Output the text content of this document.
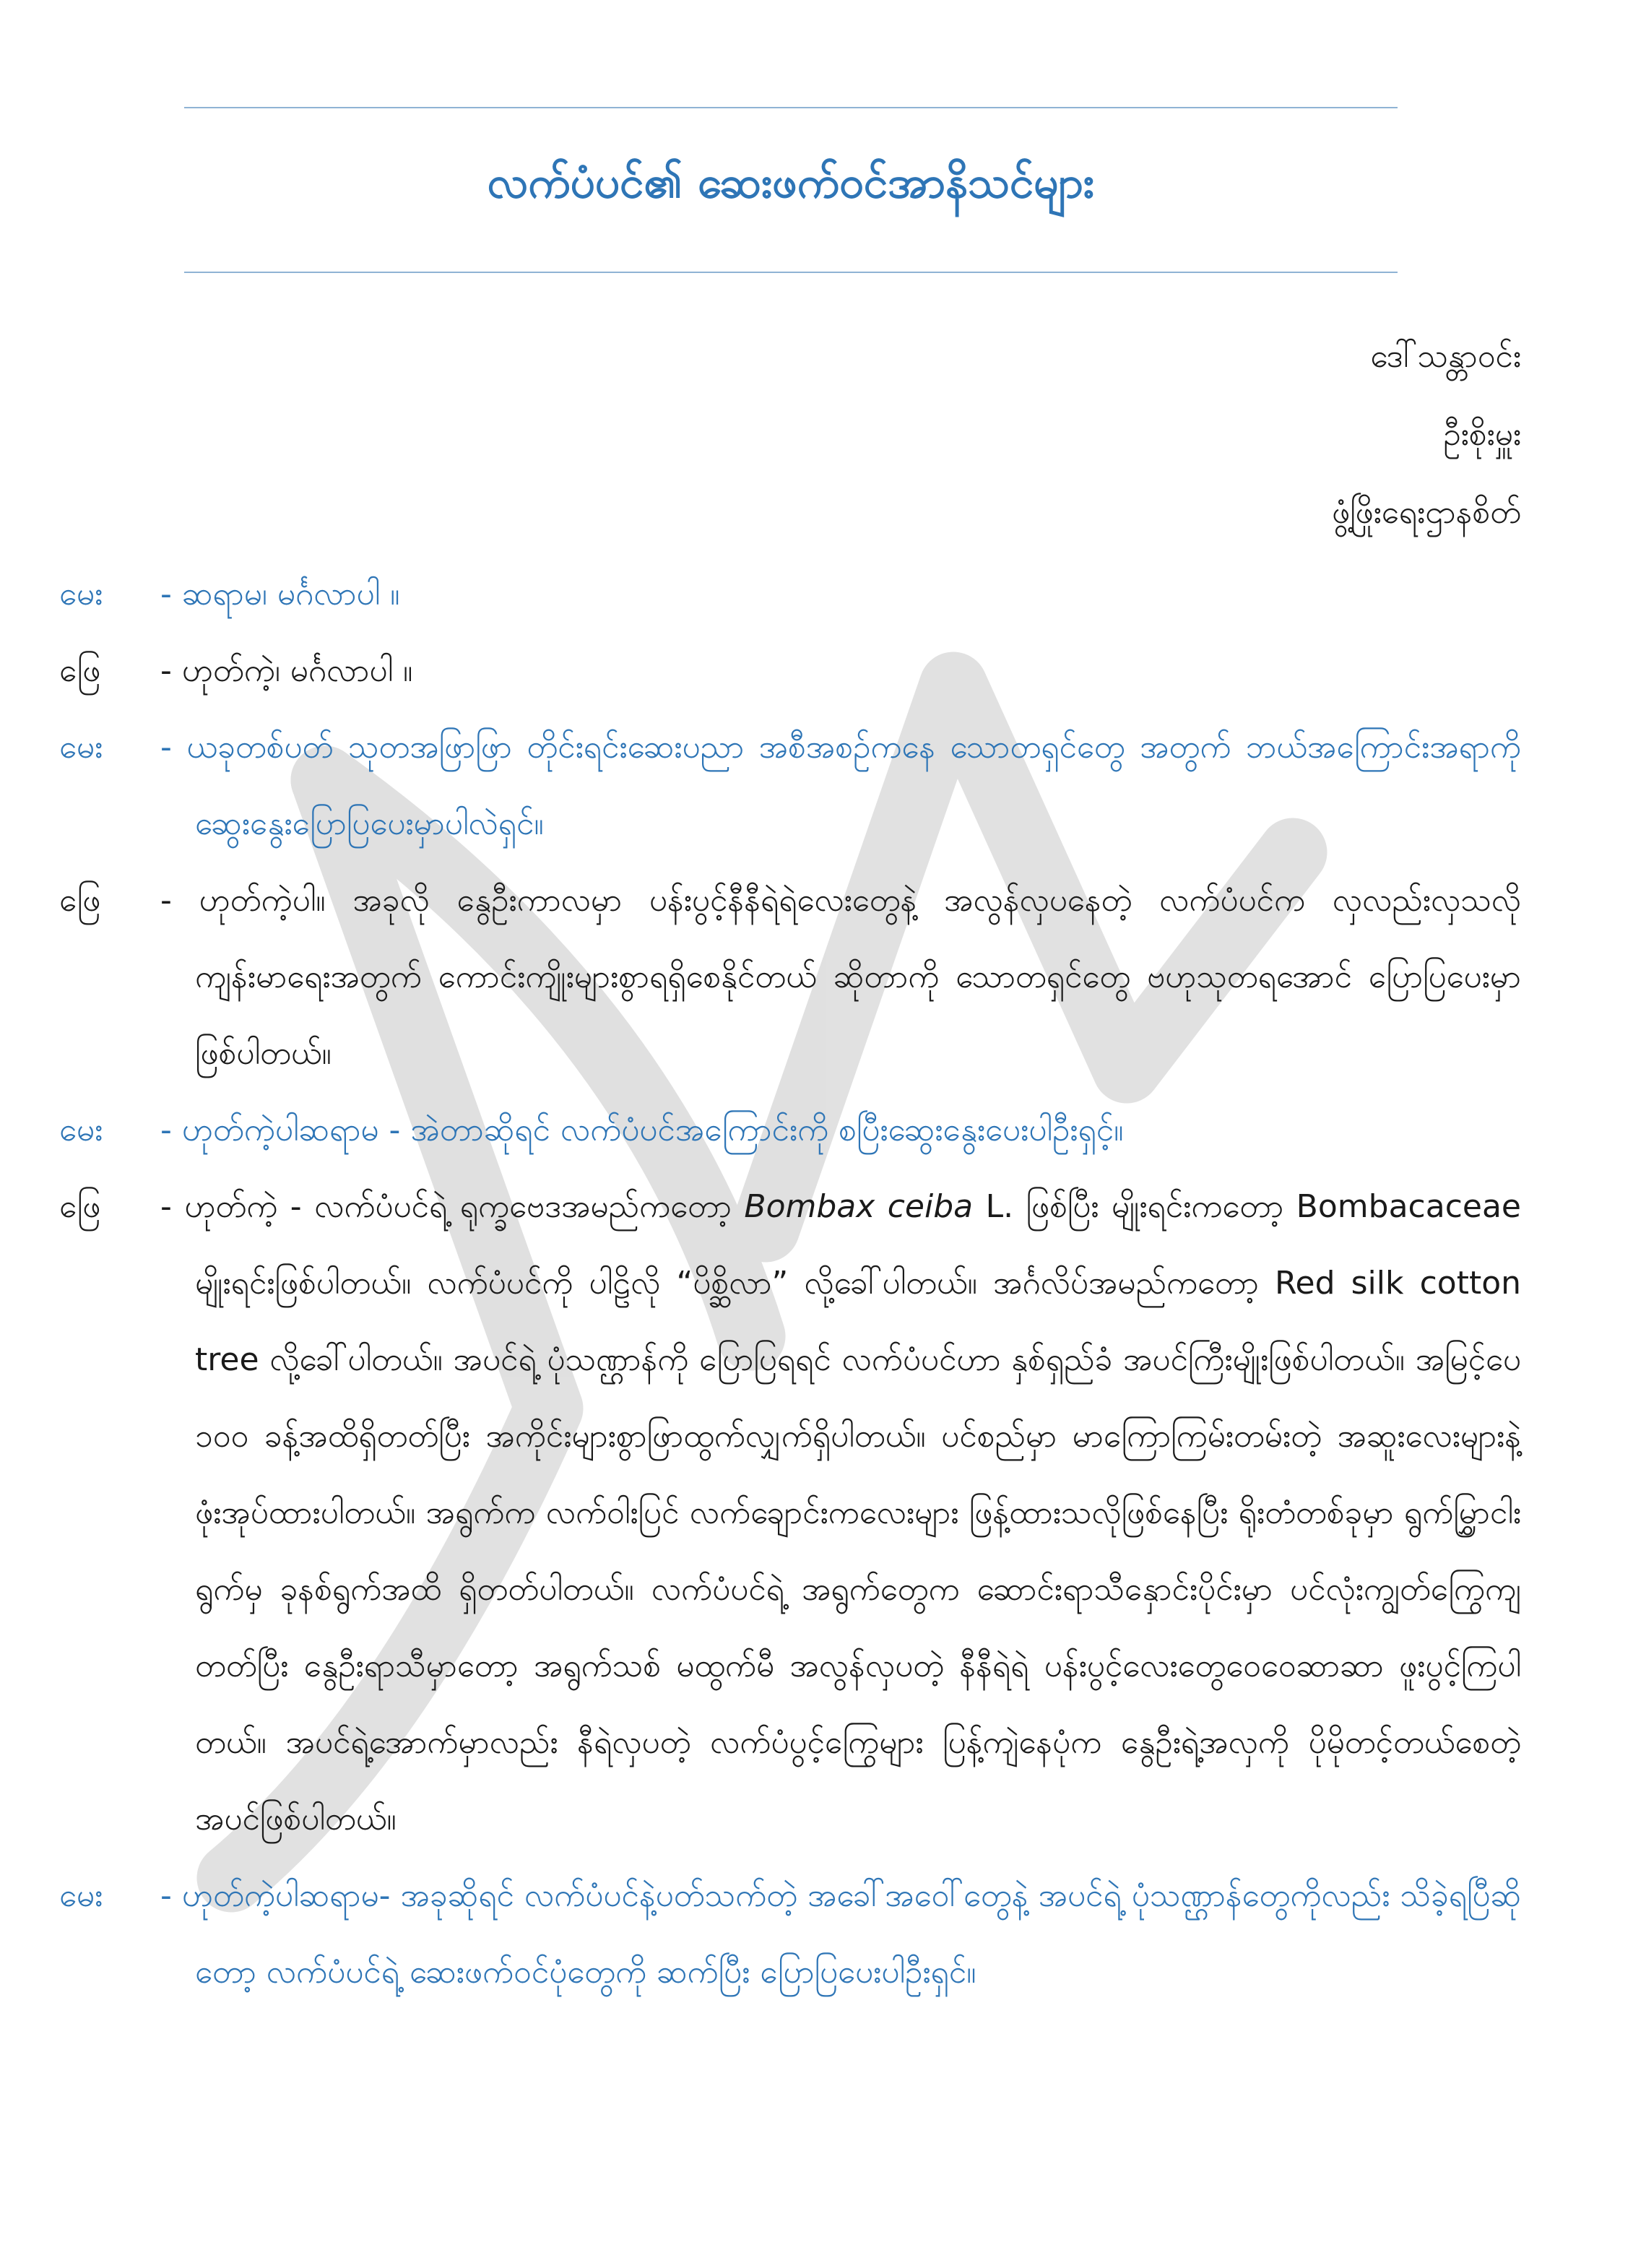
လက်ပံပင်၏ ဆေးဖက်ဝင်အာနိသင်များ
ဒေါ်သန္တာဝင်း
ဦးစိုးမှူး
ဖွံ့ဖြိုးရေးဌာနစိတ်
မေး	- ဆရာမ၊ မင်္ဂလာပါ ။
ဖြေ	- ဟုတ်ကဲ့၊ မင်္ဂလာပါ ။
မေး	- ယခုတစ်ပတ် သုတအဖြာဖြာ တိုင်းရင်းဆေးပညာ အစီအစဉ်ကနေ သောတရှင်တွေ အတွက် ဘယ်အကြောင်းအရာကို ဆွေးနွေးပြောပြပေးမှာပါလဲရှင်။
ဖြေ	- ဟုတ်ကဲ့ပါ။ အခုလို နွေဦးကာလမှာ ပန်းပွင့်နီနီရဲရဲလေးတွေနဲ့ အလွန်လှပနေတဲ့ လက်ပံပင်က လှလည်းလှသလို ကျန်းမာရေးအတွက် ကောင်းကျိုးများစွာရရှိစေနိုင်တယ် ဆိုတာကို သောတရှင်တွေ ဗဟုသုတရအောင် ပြောပြပေးမှာဖြစ်ပါတယ်။
မေး	- ဟုတ်ကဲ့ပါဆရာမ - အဲတာဆိုရင် လက်ပံပင်အကြောင်းကို စပြီးဆွေးနွေးပေးပါဦးရှင့်။
ဖြေ	- ဟုတ်ကဲ့ - လက်ပံပင်ရဲ့ ရုက္ခဗေဒအမည်ကတော့ Bombax ceiba L. ဖြစ်ပြီး မျိုးရင်းကတော့ Bombacaceae မျိုးရင်းဖြစ်ပါတယ်။ လက်ပံပင်ကို ပါဠိလို “ပိစ္ဆိလာ” လို့ခေါ်ပါတယ်။ အင်္ဂလိပ်အမည်ကတော့ Red silk cotton tree လို့ခေါ်ပါတယ်။ အပင်ရဲ့ ပုံသဏ္ဌာန်ကို ပြောပြရရင် လက်ပံပင်ဟာ နှစ်ရှည်ခံ အပင်ကြီးမျိုးဖြစ်ပါတယ်။ အမြင့်ပေ ၁၀၀ ခန့်အထိရှိတတ်ပြီး အကိုင်းများစွာဖြာထွက်လျှက်ရှိပါတယ်။ ပင်စည်မှာ မာကြောကြမ်းတမ်းတဲ့ အဆူးလေးများနဲ့ ဖုံးအုပ်ထားပါတယ်။ အရွက်က လက်ဝါးပြင် လက်ချောင်းကလေးများ ဖြန့်ထားသလိုဖြစ်နေပြီး ရိုးတံတစ်ခုမှာ ရွက်မြွှာငါးရွက်မှ ခုနစ်ရွက်အထိ ရှိတတ်ပါတယ်။ လက်ပံပင်ရဲ့ အရွက်တွေက ဆောင်းရာသီနှောင်းပိုင်းမှာ ပင်လုံးကျွတ်ကြွေကျတတ်ပြီး နွေဦးရာသီမှာတော့ အရွက်သစ် မထွက်မီ အလွန်လှပတဲ့ နီနီရဲရဲ ပန်းပွင့်လေးတွေဝေဝေဆာဆာ ဖူးပွင့်ကြပါတယ်။ အပင်ရဲ့အောက်မှာလည်း နီရဲလှပတဲ့ လက်ပံပွင့်ကြွေများ ပြန့်ကျဲနေပုံက နွေဦးရဲ့အလှကို ပိုမိုတင့်တယ်စေတဲ့ အပင်ဖြစ်ပါတယ်။
မေး	- ဟုတ်ကဲ့ပါဆရာမ- အခုဆိုရင် လက်ပံပင်နဲ့ပတ်သက်တဲ့ အခေါ်အဝေါ်တွေနဲ့ အပင်ရဲ့ ပုံသဏ္ဌာန်တွေကိုလည်း သိခဲ့ရပြီဆိုတော့ လက်ပံပင်ရဲ့ ဆေးဖက်ဝင်ပုံတွေကို ဆက်ပြီး ပြောပြပေးပါဦးရှင်။
